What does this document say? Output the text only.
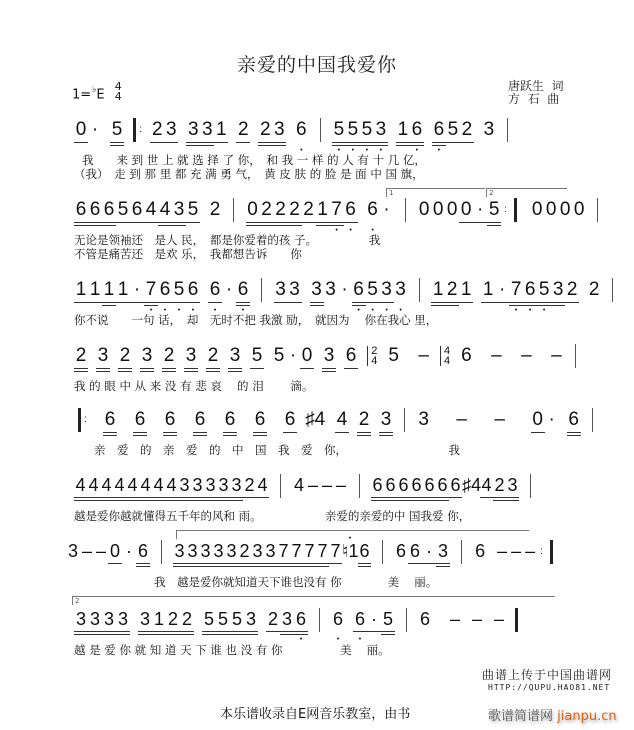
亲爱的中国我爱你
1=♭E 4
4
唐跃生  词
方  石  曲
0 · 5 : 2 3 3 3 1 2 2 3 • 6 • 5 • 5 • 5 • 3 1 • 6 • 6 5 2 3
我　　来 到 世 上 就 选 择 了 你，　和 我 一 样 的 人 有 十 几 亿，
（我）　走 到 那 里 都 充 满 勇 气，　黄 皮 肤 的 脸 是 面 中 国 旗，
6 6 6 5 6 4 4 3 5 2 0 2 2 2 2 1 • 7 • 6 • 6 · 0 0 0 0 · 5 : 0 0 0 0
1	2
无论是领袖还　是人 民，　都是你爱着的孩 子。　　　　　我
不管是痛苦还　是欢 乐，　我都想告诉　　你
1 1 1 1 · • 7 • 6 • 5 • 6 • 6 · • 6 3 3 3 3 · • 6 • 5 • 3 • 3 1 2 1 1 · • 7 • 6 • 5 3 2 2
你不说　　一句 话，　却　无时不把 我激 励，　就因为　 你在我心 里，
2 3 2 3 2 3 2 3 5 5 · 0 3 6 2
4 5 – 4
4 6 – – –
我 的 眼 中 从 来 没 有 悲 哀　 的 泪　　 滴。
: 6 6 6 6 6 6 6 ♯4 4 2 3 3 – – 0 · 6
亲　爱　的　亲　爱　的　中　国　我　爱　你，　　　　　　　　　 我
4 4 4 4 4 4 4 4 3 3 3 3 3 2 4 4 – – – 6 6 6 6 6 6 6♯44 2 3
越是爱你越就懂得五千年的风和 雨。　　　　　　亲爱的亲爱的中 国我爱 你，
3 – – 0 · 6 3 3 3 3 3 2 3 3 7 7 7 7 7• ♮16 6 6 · 3 6 – – – :
我　越是爱你就知道天下谁也没有 你　　　　美　 丽。
3 3 3 3 3 1 2 2 5 5 5 3 2 3 • 6 • 6 • 6 · 5 6 – – –
2
越 是 爱 你 就 知 道 天 下 谁 也 没 有 你　　　　　美　 丽。
本乐谱收录自E网音乐教室，由书
曲谱上传于中国曲谱网
HTTP://QUPU.HAO81.NET
歌谱简谱网 jianpu.cn
